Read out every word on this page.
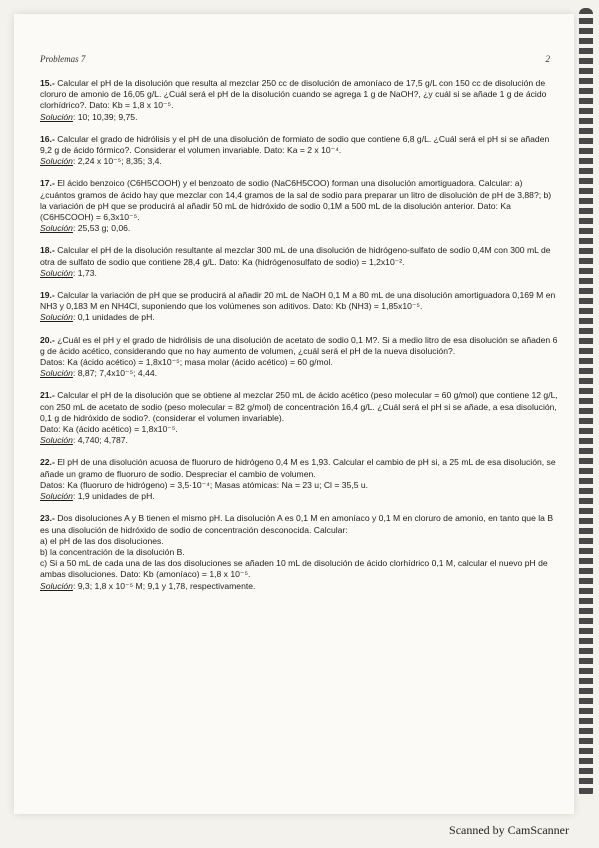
Problemas 7	2
15.- Calcular el pH de la disolución que resulta al mezclar 250 cc de disolución de amoníaco de 17,5 g/L con 150 cc de disolución de cloruro de amonio de 16,05 g/L. ¿Cuál será el pH de la disolución cuando se agrega 1 g de NaOH?, ¿y cuál si se añade 1 g de ácido clorhídrico?. Dato: Kb = 1,8 x 10⁻⁵.
Solución: 10; 10,39; 9,75.
16.- Calcular el grado de hidrólisis y el pH de una disolución de formiato de sodio que contiene 6,8 g/L. ¿Cuál será el pH si se añaden 9,2 g de ácido fórmico?. Considerar el volumen invariable. Dato: Ka = 2 x 10⁻⁴.
Solución: 2,24 x 10⁻⁵; 8,35; 3,4.
17.- El ácido benzoico (C6H5COOH) y el benzoato de sodio (NaC6H5COO) forman una disolución amortiguadora. Calcular: a) ¿cuántos gramos de ácido hay que mezclar con 14,4 gramos de la sal de sodio para preparar un litro de disolución de pH de 3,88?; b) la variación de pH que se producirá al añadir 50 mL de hidróxido de sodio 0,1M a 500 mL de la disolución anterior. Dato: Ka (C6H5COOH) = 6,3x10⁻⁵.
Solución: 25,53 g; 0,06.
18.- Calcular el pH de la disolución resultante al mezclar 300 mL de una disolución de hidrógeno-sulfato de sodio 0,4M con 300 mL de otra de sulfato de sodio que contiene 28,4 g/L. Dato: Ka (hidrógenosulfato de sodio) = 1,2x10⁻².
Solución: 1,73.
19.- Calcular la variación de pH que se producirá al añadir 20 mL de NaOH 0,1 M a 80 mL de una disolución amortiguadora 0,169 M en NH3 y 0,183 M en NH4Cl, suponiendo que los volúmenes son aditivos. Dato: Kb (NH3) = 1,85x10⁻⁵.
Solución: 0,1 unidades de pH.
20.- ¿Cuál es el pH y el grado de hidrólisis de una disolución de acetato de sodio 0,1 M?. Si a medio litro de esa disolución se añaden 6 g de ácido acético, considerando que no hay aumento de volumen, ¿cuál será el pH de la nueva disolución?.
Datos: Ka (ácido acético) = 1,8x10⁻⁵; masa molar (ácido acético) = 60 g/mol.
Solución: 8,87; 7,4x10⁻⁵; 4,44.
21.- Calcular el pH de la disolución que se obtiene al mezclar 250 mL de ácido acético (peso molecular = 60 g/mol) que contiene 12 g/L, con 250 mL de acetato de sodio (peso molecular = 82 g/mol) de concentración 16,4 g/L. ¿Cuál será el pH si se añade, a esa disolución, 0,1 g de hidróxido de sodio?. (considerar el volumen invariable).
Dato: Ka (ácido acético) = 1,8x10⁻⁵.
Solución: 4,740; 4,787.
22.- El pH de una disolución acuosa de fluoruro de hidrógeno 0,4 M es 1,93. Calcular el cambio de pH si, a 25 mL de esa disolución, se añade un gramo de fluoruro de sodio. Despreciar el cambio de volumen.
Datos: Ka (fluoruro de hidrógeno) = 3,5·10⁻⁴; Masas atómicas: Na = 23 u; Cl = 35,5 u.
Solución: 1,9 unidades de pH.
23.- Dos disoluciones A y B tienen el mismo pH. La disolución A es 0,1 M en amoníaco y 0,1 M en cloruro de amonio, en tanto que la B es una disolución de hidróxido de sodio de concentración desconocida. Calcular:
a) el pH de las dos disoluciones.
b) la concentración de la disolución B.
c) Si a 50 mL de cada una de las dos disoluciones se añaden 10 mL de disolución de ácido clorhídrico 0,1 M, calcular el nuevo pH de ambas disoluciones. Dato: Kb (amoníaco) = 1,8 x 10⁻⁵.
Solución: 9,3; 1,8 x 10⁻⁵ M; 9,1 y 1,78, respectivamente.
Scanned by CamScanner
